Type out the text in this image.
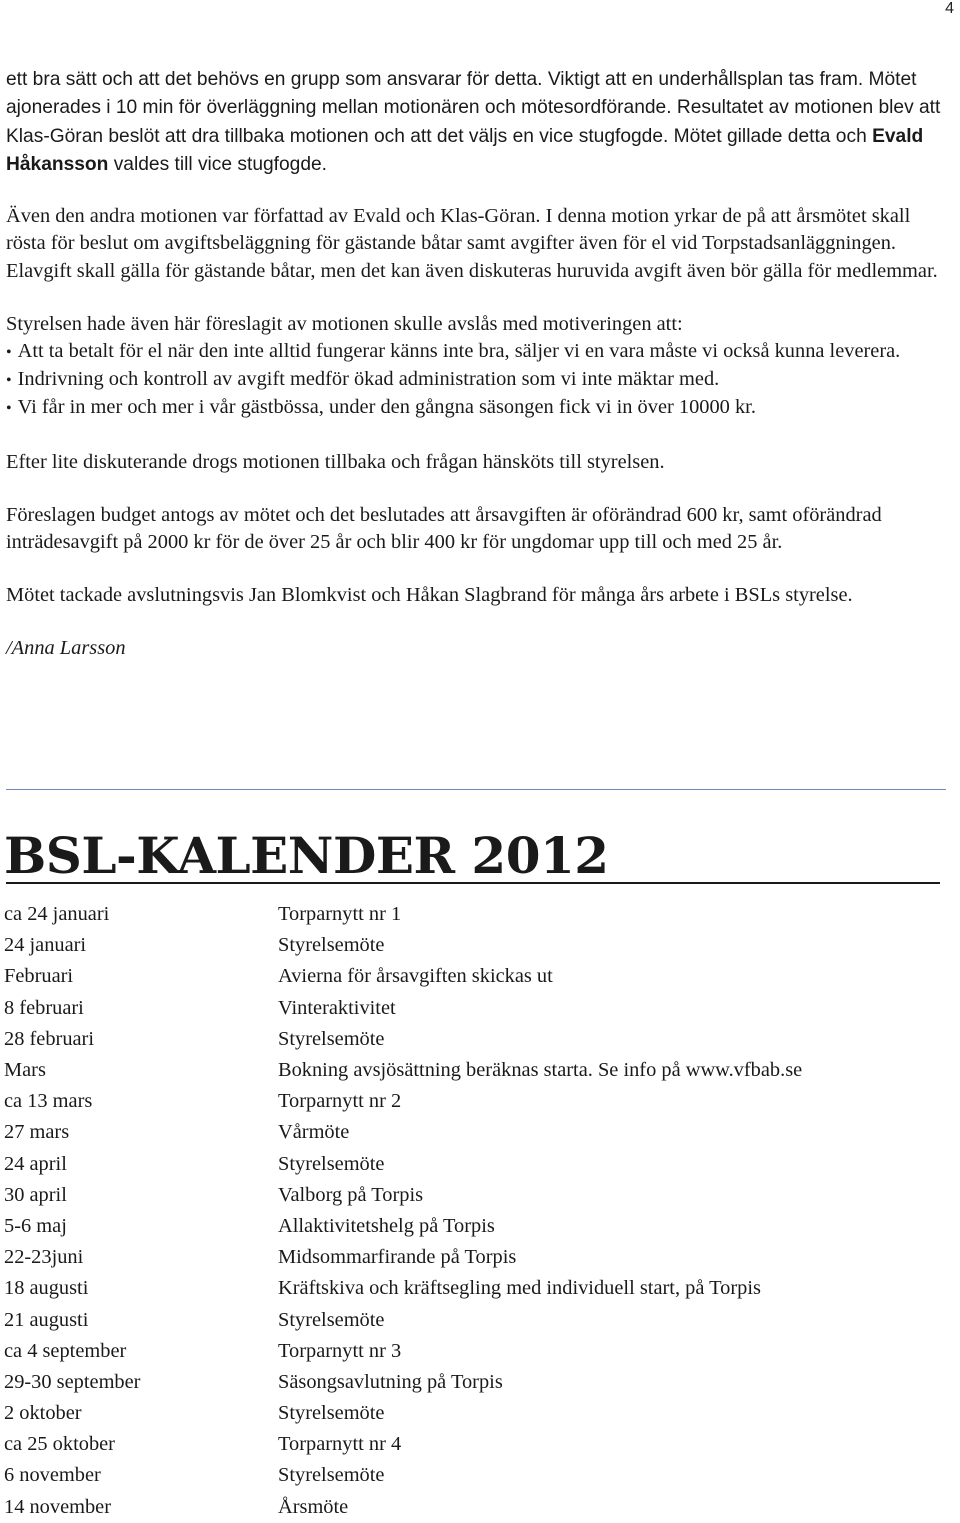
4

ett bra sätt och att det behövs en grupp som ansvarar för detta. Viktigt att en underhållsplan tas fram. Mötet ajonerades i 10 min för överläggning mellan motionären och mötesordförande. Resultatet av motionen blev att Klas-Göran beslöt att dra tillbaka motionen och att det väljs en vice stugfogde. Mötet gillade detta och Evald Håkansson valdes till vice stugfogde.

Även den andra motionen var författad av Evald och Klas-Göran. I denna motion yrkar de på att årsmötet skall rösta för beslut om avgiftsbeläggning för gästande båtar samt avgifter även för el vid Torpstadsanläggningen. Elavgift skall gälla för gästande båtar, men det kan även diskuteras huruvida avgift även bör gälla för medlemmar.

Styrelsen hade även här föreslagit av motionen skulle avslås med motiveringen att:

• Att ta betalt för el när den inte alltid fungerar känns inte bra, säljer vi en vara måste vi också kunna leverera.
• Indrivning och kontroll av avgift medför ökad administration som vi inte mäktar med.
• Vi får in mer och mer i vår gästbössa, under den gångna säsongen fick vi in över 10000 kr.

Efter lite diskuterande drogs motionen tillbaka och frågan hänsköts till styrelsen.

Föreslagen budget antogs av mötet och det beslutades att årsavgiften är oförändrad 600 kr, samt oförändrad inträdesavgift på 2000 kr för de över 25 år och blir 400 kr för ungdomar upp till och med 25 år.

Mötet tackade avslutningsvis Jan Blomkvist och Håkan Slagbrand för många års arbete i BSLs styrelse.

/Anna Larsson

BSL-KALENDER 2012
ca 24 januari	Torparnytt nr 1
24 januari	Styrelsemöte
Februari	Avierna för årsavgiften skickas ut
8 februari	Vinteraktivitet
28 februari	Styrelsemöte
Mars	Bokning avsjösättning beräknas starta. Se info på www.vfbab.se
ca 13 mars	Torparnytt nr 2
27 mars	Vårmöte
24 april	Styrelsemöte
30 april	Valborg på Torpis
5-6 maj	Allaktivitetshelg på Torpis
22-23juni	Midsommarfirande på Torpis
18 augusti	Kräftskiva och kräftsegling med individuell start, på Torpis
21 augusti	Styrelsemöte
ca 4 september	Torparnytt nr 3
29-30 september	Säsongsavlutning på Torpis
2 oktober	Styrelsemöte
ca 25 oktober	Torparnytt nr 4
6 november	Styrelsemöte
14 november	Årsmöte
